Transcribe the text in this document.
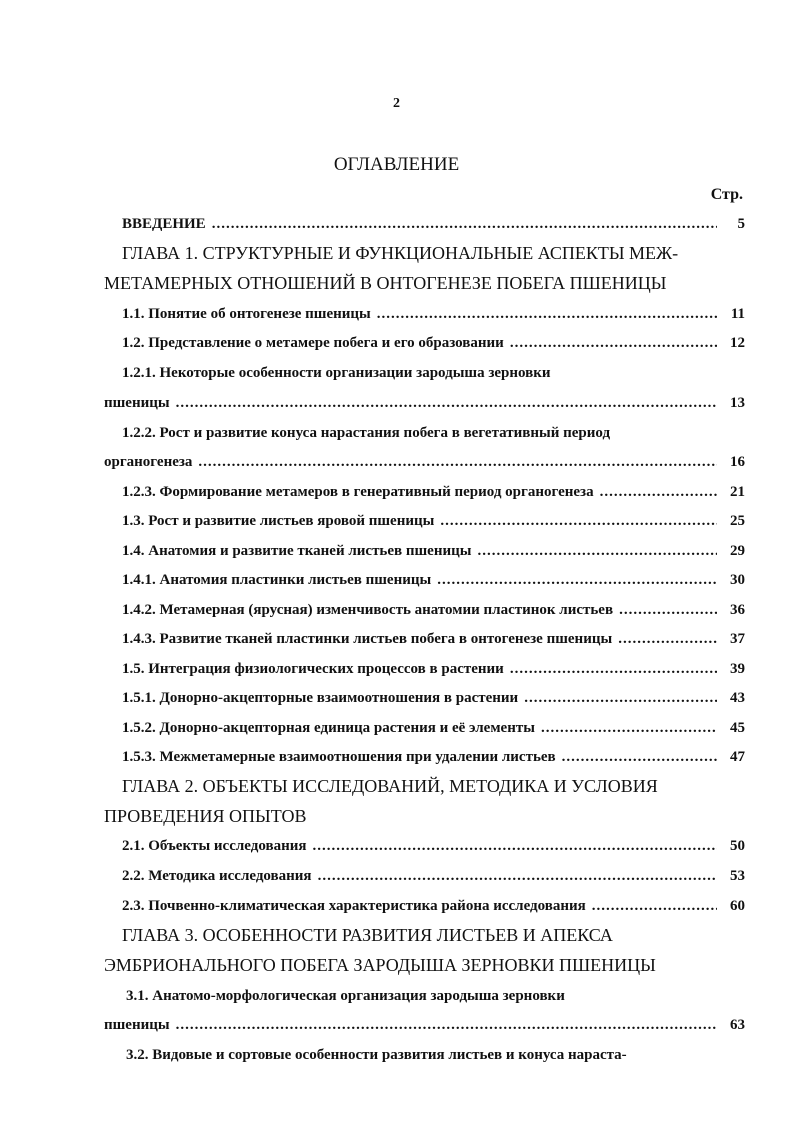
2
ОГЛАВЛЕНИЕ
Стр.
ВВЕДЕНИЕ .....	5
ГЛАВА 1. СТРУКТУРНЫЕ И ФУНКЦИОНАЛЬНЫЕ АСПЕКТЫ МЕЖ-
МЕТАМЕРНЫХ ОТНОШЕНИЙ В ОНТОГЕНЕЗЕ ПОБЕГА ПШЕНИЦЫ
1.1. Понятие об онтогенезе пшеницы .....	11
1.2. Представление о метамере побега и его образовании .....	12
1.2.1. Некоторые особенности организации зародыша зерновки
пшеницы .....	13
1.2.2. Рост и развитие конуса нарастания побега в вегетативный период
органогенеза .....	16
1.2.3. Формирование метамеров в генеративный период органогенеза .....	21
1.3. Рост и развитие листьев яровой пшеницы .....	25
1.4. Анатомия и развитие тканей листьев пшеницы .....	29
1.4.1. Анатомия пластинки листьев пшеницы .....	30
1.4.2. Метамерная (ярусная) изменчивость анатомии пластинок листьев .....	36
1.4.3. Развитие тканей пластинки листьев побега в онтогенезе пшеницы .....	37
1.5. Интеграция физиологических процессов в растении .....	39
1.5.1. Донорно-акцепторные взаимоотношения в растении .....	43
1.5.2. Донорно-акцепторная единица растения и её элементы .....	45
1.5.3. Межметамерные взаимоотношения при удалении листьев .....	47
ГЛАВА 2. ОБЪЕКТЫ ИССЛЕДОВАНИЙ, МЕТОДИКА И УСЛОВИЯ
ПРОВЕДЕНИЯ ОПЫТОВ
2.1. Объекты исследования .....	50
2.2. Методика исследования .....	53
2.3. Почвенно-климатическая характеристика района исследования .....	60
ГЛАВА 3. ОСОБЕННОСТИ РАЗВИТИЯ ЛИСТЬЕВ И АПЕКСА
ЭМБРИОНАЛЬНОГО ПОБЕГА ЗАРОДЫША ЗЕРНОВКИ ПШЕНИЦЫ
3.1. Анатомо-морфологическая организация зародыша зерновки
пшеницы .....	63
3.2. Видовые и сортовые особенности развития листьев и конуса нараста-
